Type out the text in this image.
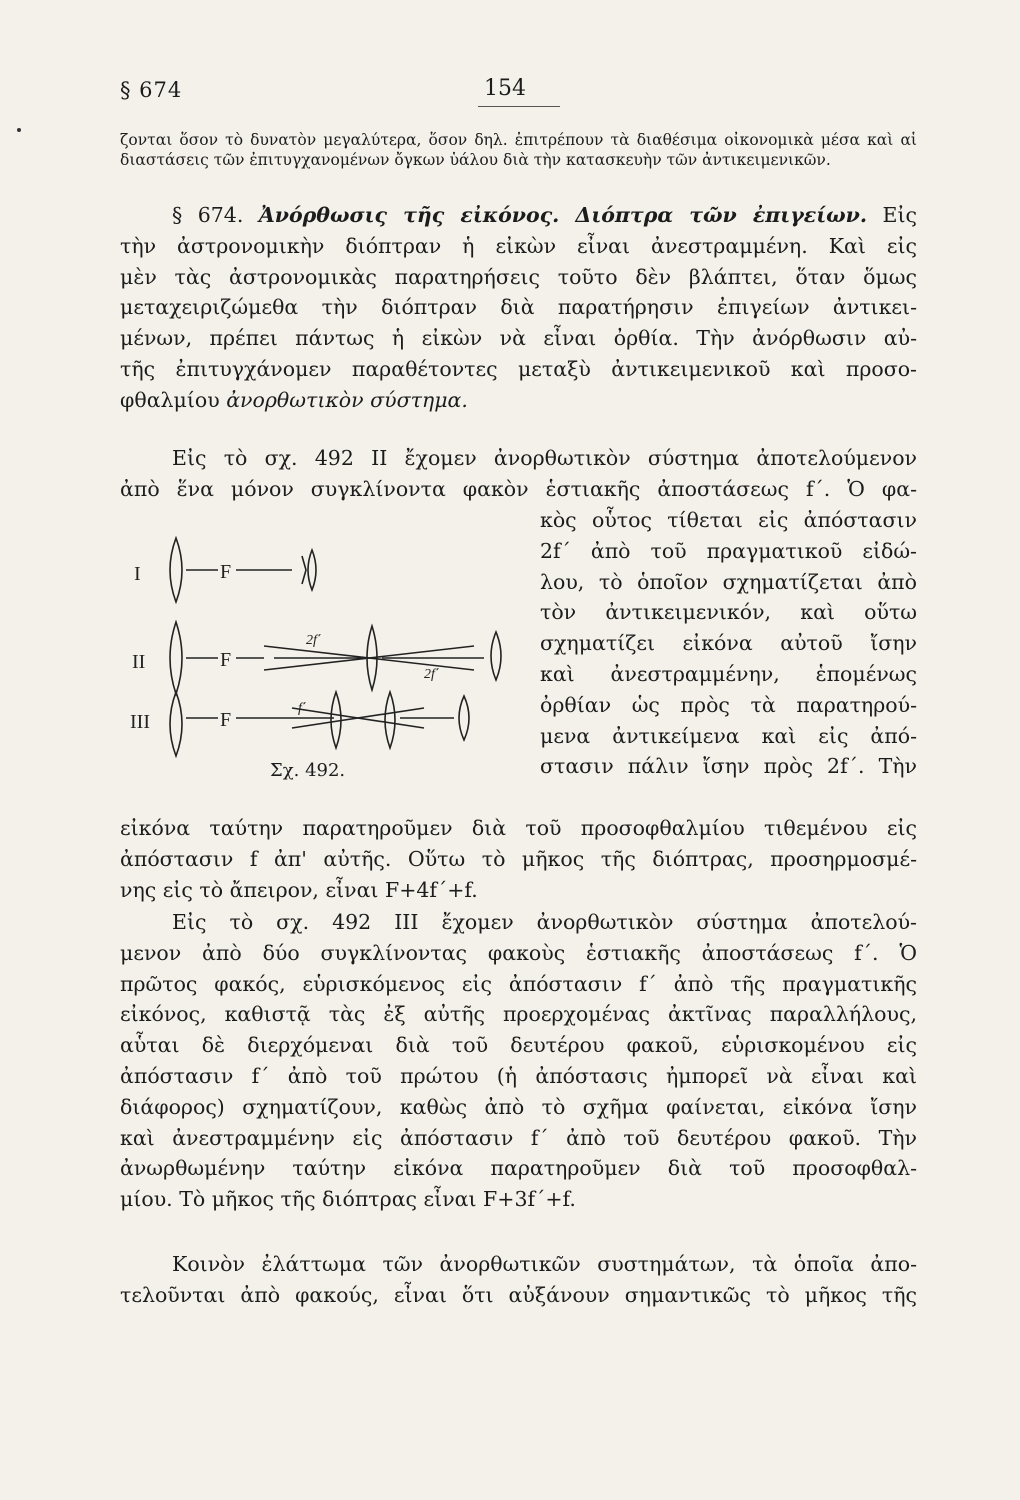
§ 674	154
ζονται ὅσον τὸ δυνατὸν μεγαλύτερα, ὅσον δηλ. ἐπιτρέπουν τὰ διαθέσιμα οἰκονομικὰ μέσα καὶ αἱ διαστάσεις τῶν ἐπιτυγχανομένων ὄγκων ὑάλου διὰ τὴν κατασκευὴν τῶν ἀντικειμενικῶν.
§ 674. Ἀνόρθωσις τῆς εἰκόνος. Διόπτρα τῶν ἐπιγείων. Εἰς
τὴν ἀστρονομικὴν διόπτραν ἡ εἰκὼν εἶναι ἀνεστραμμένη. Καὶ εἰς
μὲν τὰς ἀστρονομικὰς παρατηρήσεις τοῦτο δὲν βλάπτει, ὅταν ὅμως
μεταχειριζώμεθα τὴν διόπτραν διὰ παρατήρησιν ἐπιγείων ἀντικει-
μένων, πρέπει πάντως ἡ εἰκὼν νὰ εἶναι ὀρθία. Τὴν ἀνόρθωσιν αὐ-
τῆς ἐπιτυγχάνομεν παραθέτοντες μεταξὺ ἀντικειμενικοῦ καὶ προσο-
φθαλμίου ἀνορθωτικὸν σύστημα.
Εἰς τὸ σχ. 492 II ἔχομεν ἀνορθωτικὸν σύστημα ἀποτελούμενον
ἀπὸ ἕνα μόνον συγκλίνοντα φακὸν ἑστιακῆς ἀποστάσεως f΄. Ὁ φα-
κὸς οὗτος τίθεται εἰς ἀπόστασιν
2f΄ ἀπὸ τοῦ πραγματικοῦ εἰδώ-
λου, τὸ ὁποῖον σχηματίζεται ἀπὸ
τὸν ἀντικειμενικόν, καὶ οὕτω
σχηματίζει εἰκόνα αὐτοῦ ἴσην
καὶ ἀνεστραμμένην, ἑπομένως
ὀρθίαν ὡς πρὸς τὰ παρατηρού-
μενα ἀντικείμενα καὶ εἰς ἀπό-
στασιν πάλιν ἴσην πρὸς 2f΄. Τὴν
εἰκόνα ταύτην παρατηροῦμεν διὰ τοῦ προσοφθαλμίου τιθεμένου εἰς
ἀπόστασιν f ἀπ' αὐτῆς. Οὕτω τὸ μῆκος τῆς διόπτρας, προσηρμοσμέ-
νης εἰς τὸ ἄπειρον, εἶναι F+4f΄+f.
I
II
III
F
F
F
2f΄
2f΄
f΄
Σχ. 492.
Εἰς τὸ σχ. 492 III ἔχομεν ἀνορθωτικὸν σύστημα ἀποτελού-
μενον ἀπὸ δύο συγκλίνοντας φακοὺς ἑστιακῆς ἀποστάσεως f΄. Ὁ
πρῶτος φακός, εὑρισκόμενος εἰς ἀπόστασιν f΄ ἀπὸ τῆς πραγματικῆς
εἰκόνος, καθιστᾷ τὰς ἐξ αὐτῆς προερχομένας ἀκτῖνας παραλλήλους,
αὗται δὲ διερχόμεναι διὰ τοῦ δευτέρου φακοῦ, εὑρισκομένου εἰς
ἀπόστασιν f΄ ἀπὸ τοῦ πρώτου (ἡ ἀπόστασις ἠμπορεῖ νὰ εἶναι καὶ
διάφορος) σχηματίζουν, καθὼς ἀπὸ τὸ σχῆμα φαίνεται, εἰκόνα ἴσην
καὶ ἀνεστραμμένην εἰς ἀπόστασιν f΄ ἀπὸ τοῦ δευτέρου φακοῦ. Τὴν
ἀνωρθωμένην ταύτην εἰκόνα παρατηροῦμεν διὰ τοῦ προσοφθαλ-
μίου. Τὸ μῆκος τῆς διόπτρας εἶναι F+3f΄+f.
Κοινὸν ἐλάττωμα τῶν ἀνορθωτικῶν συστημάτων, τὰ ὁποῖα ἀπο-
τελοῦνται ἀπὸ φακούς, εἶναι ὅτι αὐξάνουν σημαντικῶς τὸ μῆκος τῆς
